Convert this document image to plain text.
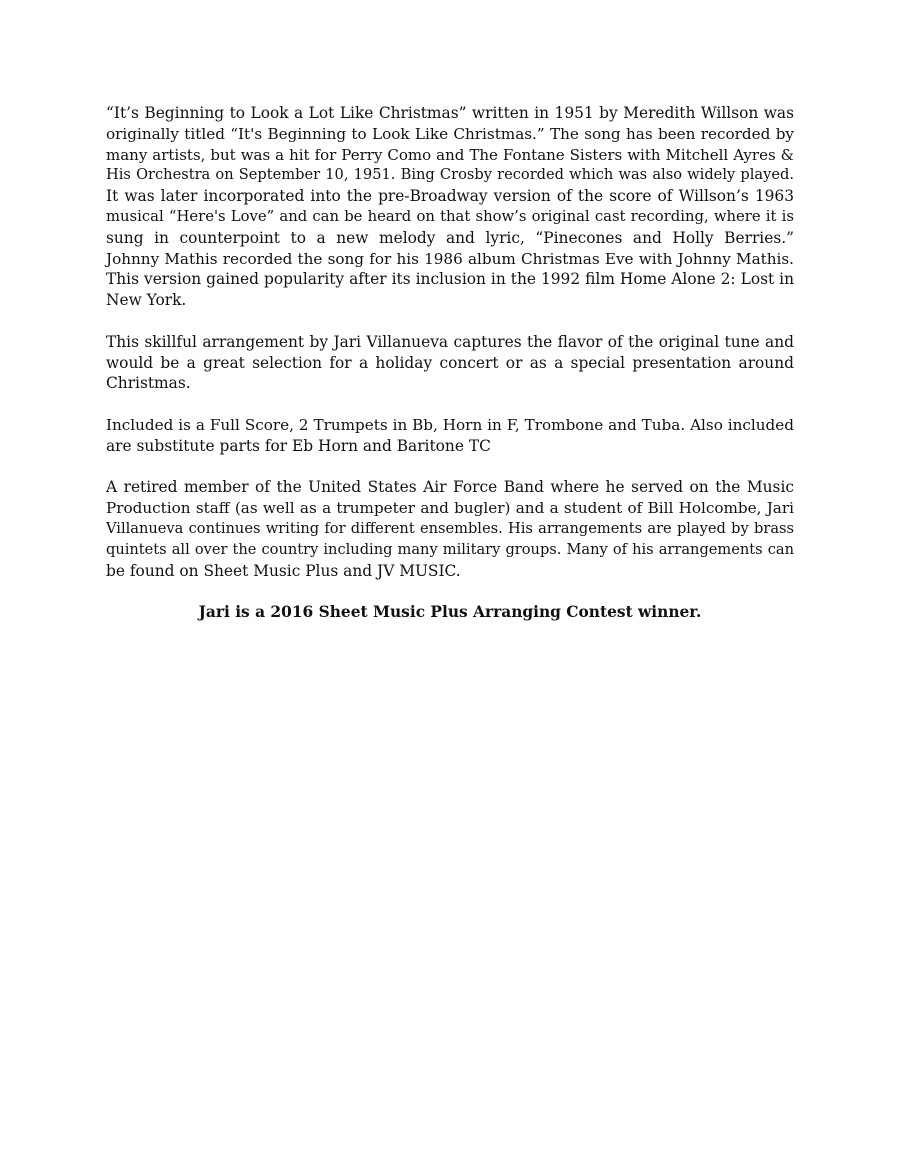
“It’s Beginning to Look a Lot Like Christmas” written in 1951 by Meredith Willson was
originally titled “It's Beginning to Look Like Christmas.” The song has been recorded by
many artists, but was a hit for Perry Como and The Fontane Sisters with Mitchell Ayres &
His Orchestra on September 10, 1951. Bing Crosby recorded which was also widely played.
It was later incorporated into the pre-Broadway version of the score of Willson’s 1963
musical “Here's Love” and can be heard on that show’s original cast recording, where it is
sung in counterpoint to a new melody and lyric, “Pinecones and Holly Berries.”
Johnny Mathis recorded the song for his 1986 album Christmas Eve with Johnny Mathis.
This version gained popularity after its inclusion in the 1992 film Home Alone 2: Lost in
New York.
This skillful arrangement by Jari Villanueva captures the flavor of the original tune and
would be a great selection for a holiday concert or as a special presentation around
Christmas.
Included is a Full Score, 2 Trumpets in Bb, Horn in F, Trombone and Tuba. Also included
are substitute parts for Eb Horn and Baritone TC
A retired member of the United States Air Force Band where he served on the Music
Production staff (as well as a trumpeter and bugler) and a student of Bill Holcombe, Jari
Villanueva continues writing for different ensembles. His arrangements are played by brass
quintets all over the country including many military groups. Many of his arrangements can
be found on Sheet Music Plus and JV MUSIC.

Jari is a 2016 Sheet Music Plus Arranging Contest winner.
